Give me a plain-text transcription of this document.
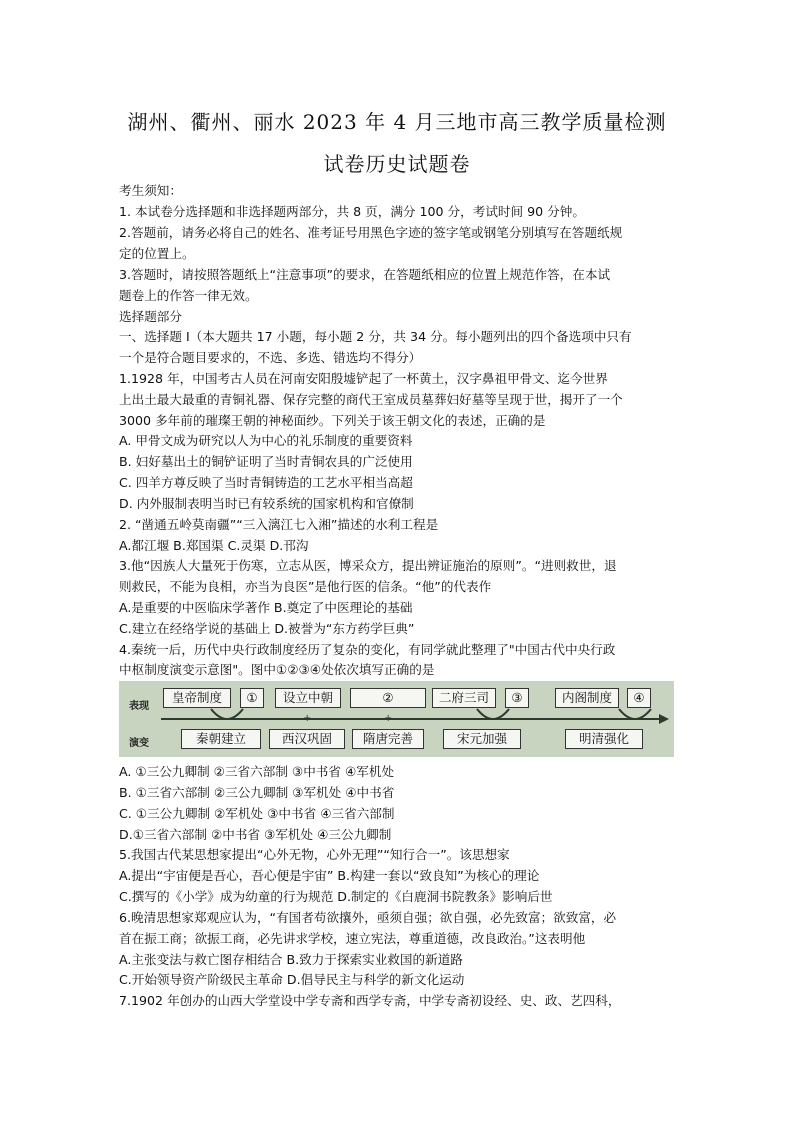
湖州、衢州、丽水 2023 年 4 月三地市高三教学质量检测
试卷历史试题卷
考生须知：
1. 本试卷分选择题和非选择题两部分，共 8 页，满分 100 分，考试时间 90 分钟。
2.答题前，请务必将自己的姓名、准考证号用黑色字迹的签字笔或钢笔分别填写在答题纸规
定的位置上。
3.答题时，请按照答题纸上“注意事项”的要求，在答题纸相应的位置上规范作答，在本试
题卷上的作答一律无效。
选择题部分
一、选择题 I（本大题共 17 小题，每小题 2 分，共 34 分。每小题列出的四个备选项中只有
一个是符合题目要求的，不选、多选、错选均不得分）
1.1928 年，中国考古人员在河南安阳殷墟铲起了一杯黄土，汉字鼻祖甲骨文、迄今世界
上出土最大最重的青铜礼器、保存完整的商代王室成员墓葬妇好墓等呈现于世，揭开了一个
3000 多年前的璀璨王朝的神秘面纱。下列关于该王朝文化的表述，正确的是
A. 甲骨文成为研究以人为中心的礼乐制度的重要资料
B. 妇好墓出土的铜铲证明了当时青铜农具的广泛使用
C. 四羊方尊反映了当时青铜铸造的工艺水平相当高超
D. 内外服制表明当时已有较系统的国家机构和官僚制
2. “凿通五岭莫南疆”“三入漓江七入湘”描述的水利工程是
A.都江堰 B.郑国渠 C.灵渠 D.邗沟
3.他“因族人大量死于伤寒，立志从医，博采众方，提出辨证施治的原则”。“进则救世，退
则救民，不能为良相，亦当为良医”是他行医的信条。“他”的代表作
A.是重要的中医临床学著作 B.奠定了中医理论的基础
C.建立在经络学说的基础上 D.被誉为“东方药学巨典”
4.秦统一后，历代中央行政制度经历了复杂的变化，有同学就此整理了"中国古代中央行政
中枢制度演变示意图"。图中①②③④处依次填写正确的是
表现
演变
皇帝制度	①	设立中朝	②	二府三司	③	内阁制度	④
+	+
秦朝建立	西汉巩固	隋唐完善	宋元加强	明清强化
A. ①三公九卿制 ②三省六部制 ③中书省 ④军机处
B. ①三省六部制 ②三公九卿制 ③军机处 ④中书省
C. ①三公九卿制 ②军机处 ③中书省 ④三省六部制
D.①三省六部制 ②中书省 ③军机处 ④三公九卿制
5.我国古代某思想家提出“心外无物，心外无理”“知行合一”。该思想家
A.提出“宇宙便是吾心，吾心便是宇宙” B.构建一套以“致良知”为核心的理论
C.撰写的《小学》成为幼童的行为规范 D.制定的《白鹿洞书院教条》影响后世
6.晚清思想家郑观应认为，“有国者苟欲攘外，亟须自强；欲自强，必先致富；欲致富，必
首在振工商；欲振工商，必先讲求学校，速立宪法，尊重道德，改良政治。”这表明他
A.主张变法与救亡图存相结合 B.致力于探索实业救国的新道路
C.开始领导资产阶级民主革命 D.倡导民主与科学的新文化运动
7.1902 年创办的山西大学堂设中学专斋和西学专斋，中学专斋初设经、史、政、艺四科，
